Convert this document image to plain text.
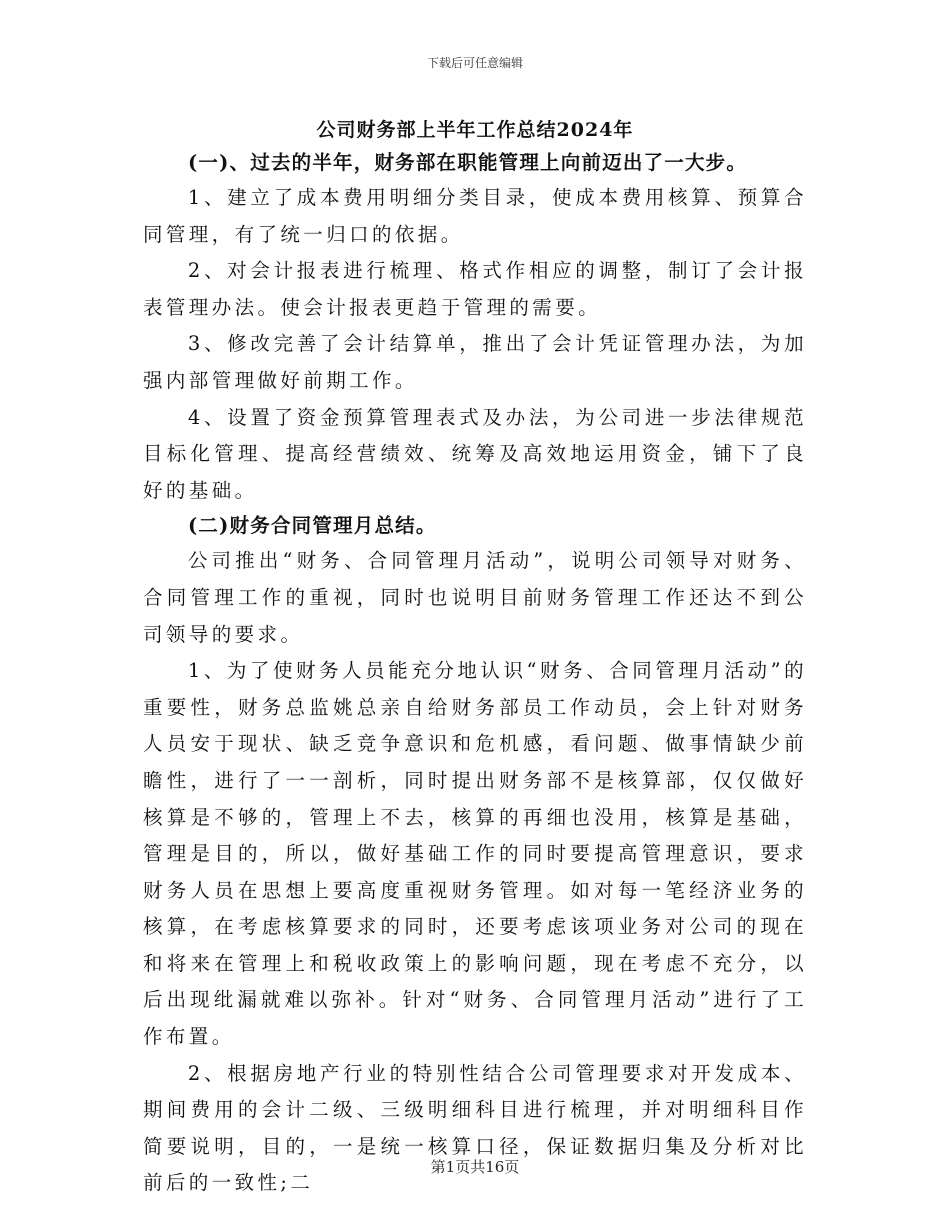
下载后可任意编辑
公司财务部上半年工作总结2024年

(一)、过去的半年，财务部在职能管理上向前迈出了一大步。

1、建立了成本费用明细分类目录，使成本费用核算、预算合同管理，有了统一归口的依据。

2、对会计报表进行梳理、格式作相应的调整，制订了会计报表管理办法。使会计报表更趋于管理的需要。

3、修改完善了会计结算单，推出了会计凭证管理办法，为加强内部管理做好前期工作。

4、设置了资金预算管理表式及办法，为公司进一步法律规范目标化管理、提高经营绩效、统筹及高效地运用资金，铺下了良好的基础。

(二)财务合同管理月总结。

公司推出“财务、合同管理月活动”，说明公司领导对财务、合同管理工作的重视，同时也说明目前财务管理工作还达不到公司领导的要求。

1、为了使财务人员能充分地认识“财务、合同管理月活动”的重要性，财务总监姚总亲自给财务部员工作动员，会上针对财务人员安于现状、缺乏竞争意识和危机感，看问题、做事情缺少前瞻性，进行了一一剖析，同时提出财务部不是核算部，仅仅做好核算是不够的，管理上不去，核算的再细也没用，核算是基础，管理是目的，所以，做好基础工作的同时要提高管理意识，要求财务人员在思想上要高度重视财务管理。如对每一笔经济业务的核算，在考虑核算要求的同时，还要考虑该项业务对公司的现在和将来在管理上和税收政策上的影响问题，现在考虑不充分，以后出现纰漏就难以弥补。针对“财务、合同管理月活动”进行了工作布置。

2、根据房地产行业的特别性结合公司管理要求对开发成本、期间费用的会计二级、三级明细科目进行梳理，并对明细科目作简要说明，目的，一是统一核算口径，保证数据归集及分析对比前后的一致性;二

第1页共16页
